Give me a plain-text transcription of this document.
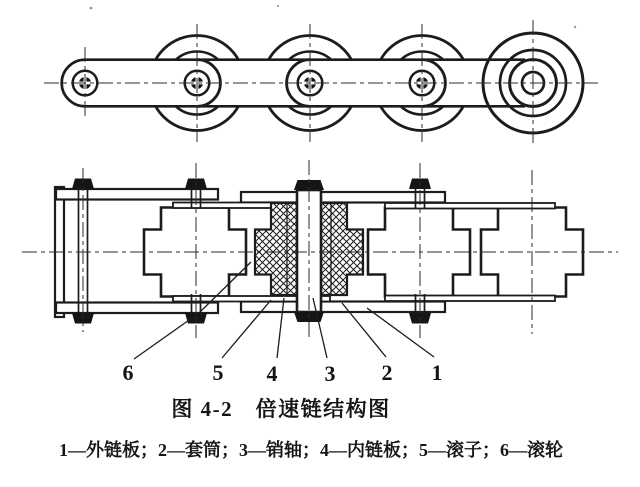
6	5 4 3 2 1
图 4-2　倍速链结构图
1—外链板；2—套筒；3—销轴；4—内链板；5—滚子；6—滚轮
